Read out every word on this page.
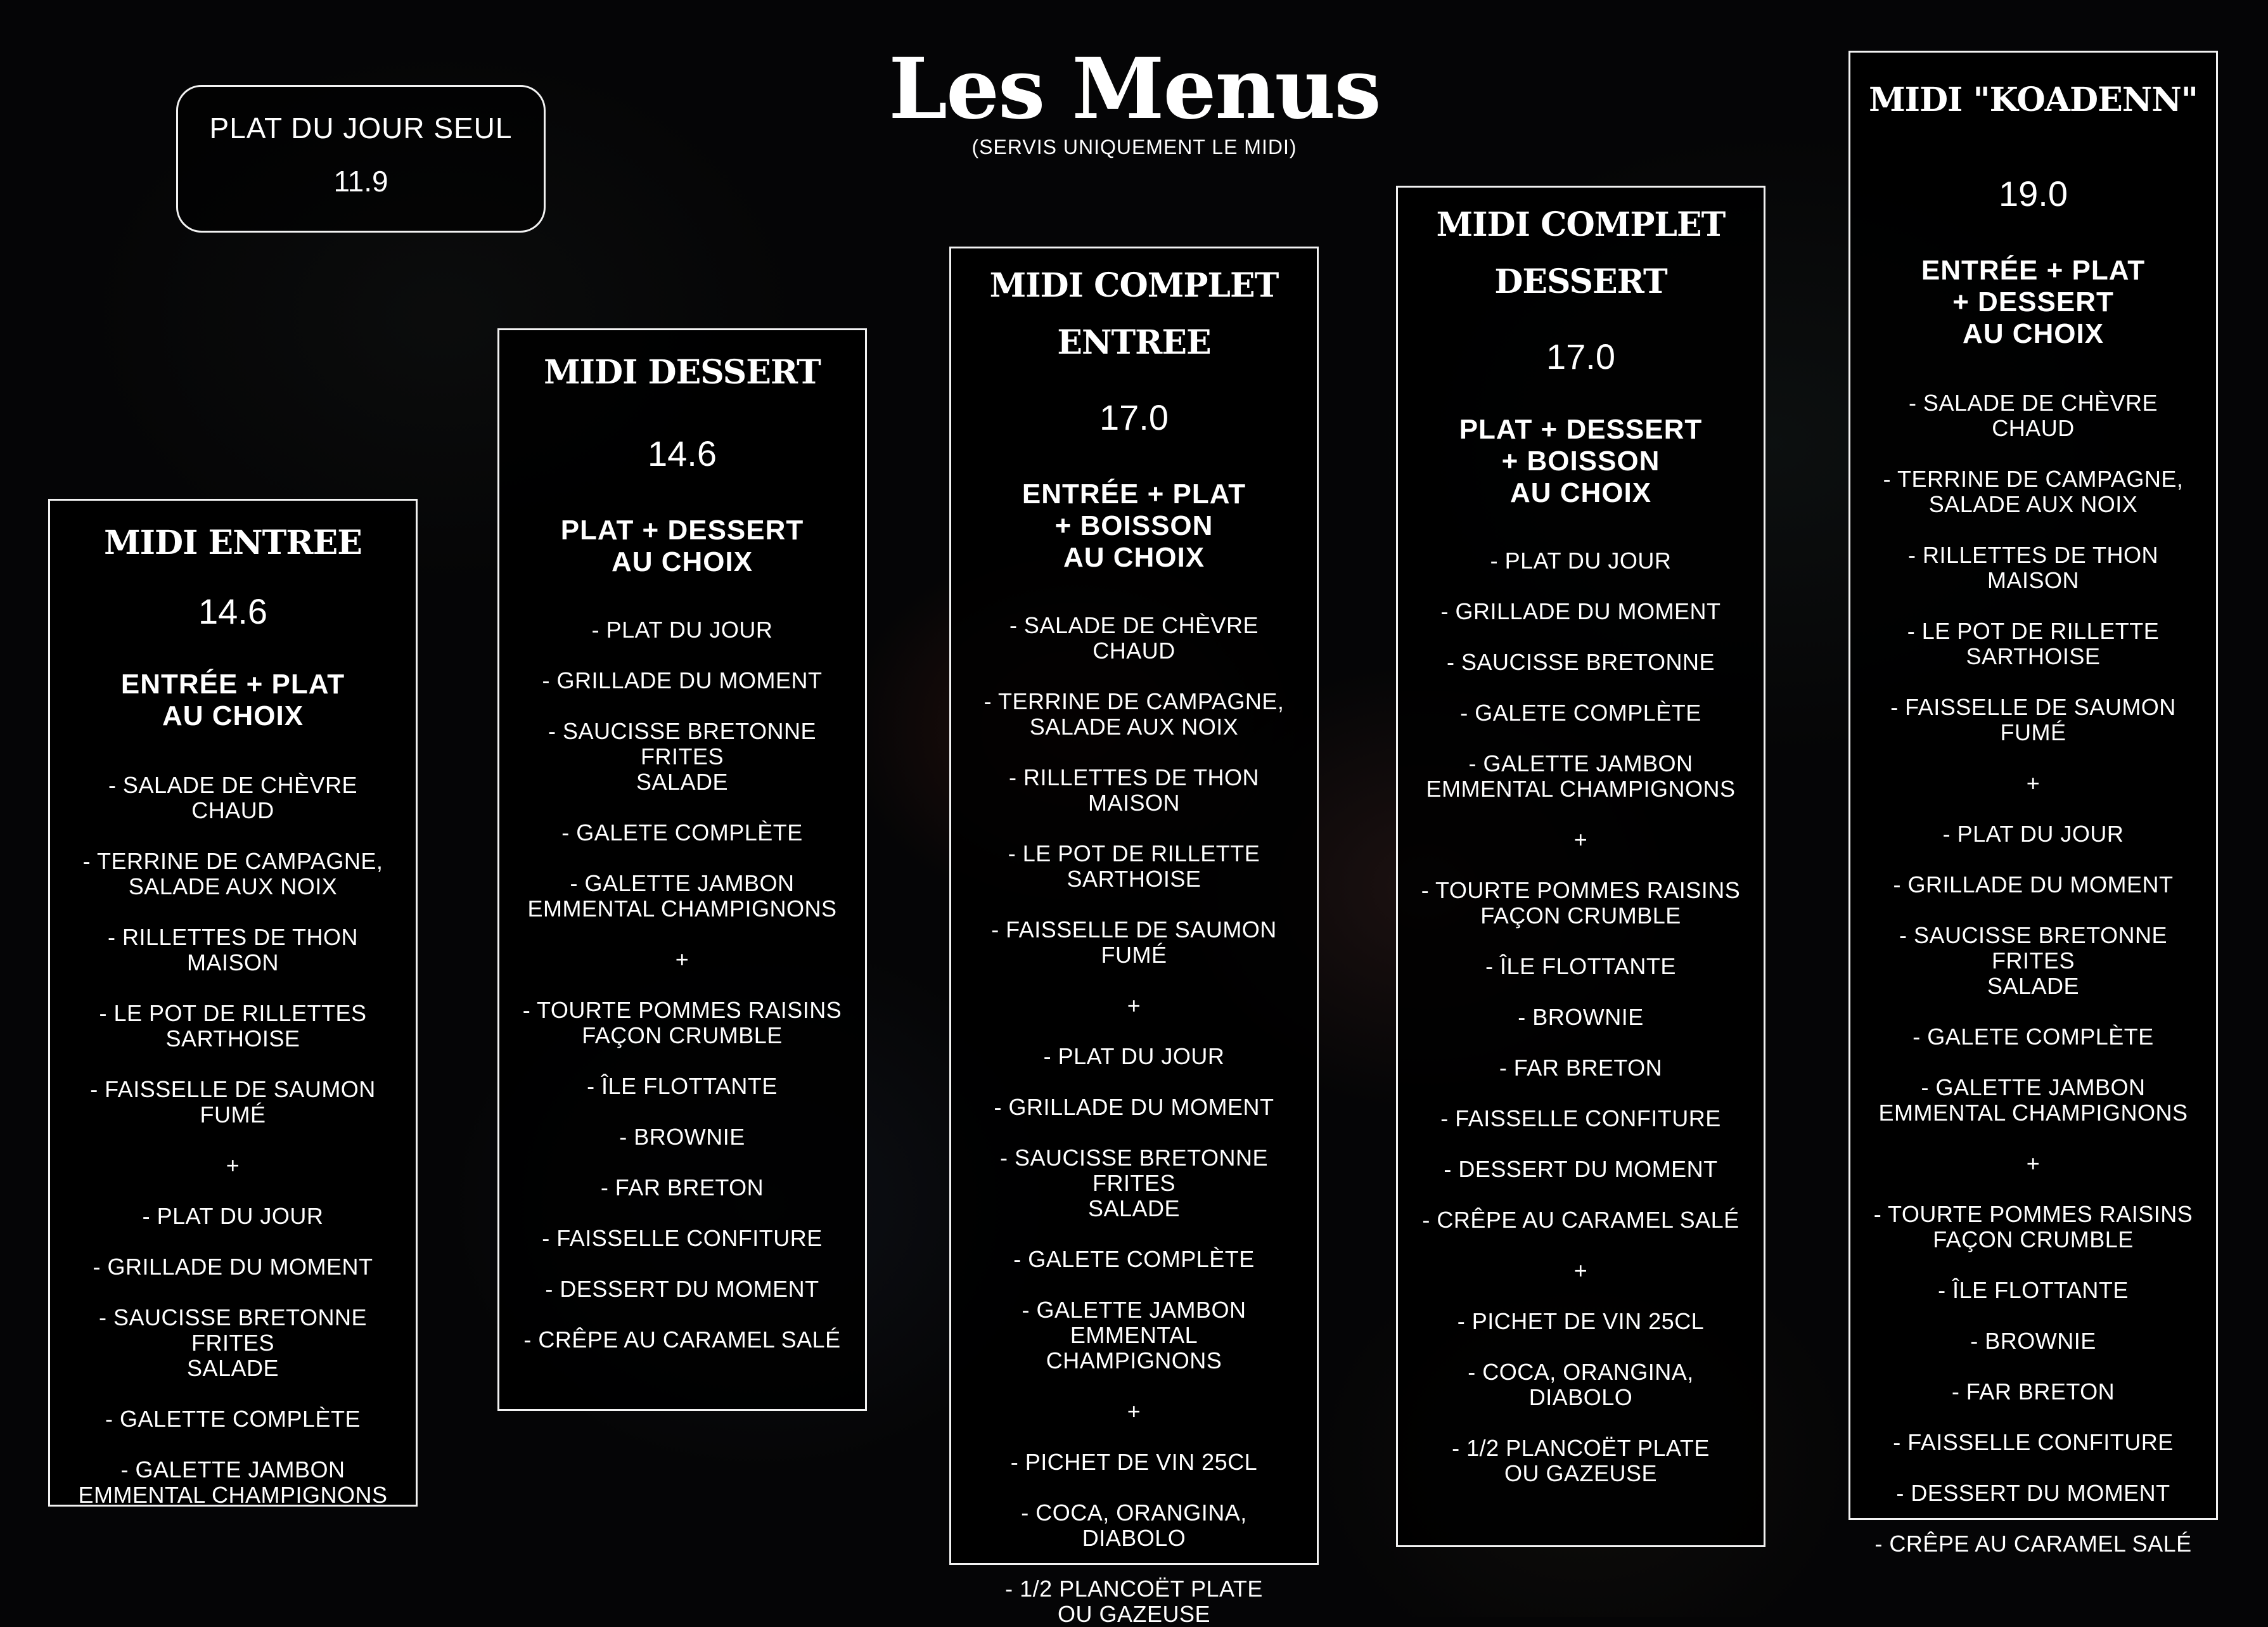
Les Menus
(SERVIS UNIQUEMENT LE MIDI)
PLAT DU JOUR SEUL
11.9
MIDI ENTREE
14.6
ENTRÉE + PLAT
AU CHOIX
- SALADE DE CHÈVRE CHAUD
- TERRINE DE CAMPAGNE,
SALADE AUX NOIX
- RILLETTES DE THON MAISON
- LE POT DE RILLETTES
SARTHOISE
- FAISSELLE DE SAUMON FUMÉ
+
- PLAT DU JOUR
- GRILLADE DU MOMENT
- SAUCISSE BRETONNE FRITES
SALADE
- GALETTE COMPLÈTE
- GALETTE JAMBON
EMMENTAL CHAMPIGNONS
MIDI DESSERT
14.6
PLAT + DESSERT
AU CHOIX
- PLAT DU JOUR
- GRILLADE DU MOMENT
- SAUCISSE BRETONNE FRITES
SALADE
- GALETE COMPLÈTE
- GALETTE JAMBON
EMMENTAL CHAMPIGNONS
+
- TOURTE POMMES RAISINS
FAÇON CRUMBLE
- ÎLE FLOTTANTE
- BROWNIE
- FAR BRETON
- FAISSELLE CONFITURE
- DESSERT DU MOMENT
- CRÊPE AU CARAMEL SALÉ
MIDI COMPLET
ENTREE
17.0
ENTRÉE + PLAT
+ BOISSON
AU CHOIX
- SALADE DE CHÈVRE CHAUD
- TERRINE DE CAMPAGNE,
SALADE AUX NOIX
- RILLETTES DE THON MAISON
- LE POT DE RILLETTE
SARTHOISE
- FAISSELLE DE SAUMON FUMÉ
+
- PLAT DU JOUR
- GRILLADE DU MOMENT
- SAUCISSE BRETONNE FRITES
SALADE
- GALETE COMPLÈTE
- GALETTE JAMBON EMMENTAL
CHAMPIGNONS
+
- PICHET DE VIN 25CL
- COCA, ORANGINA, DIABOLO
- 1/2 PLANCOËT PLATE
OU GAZEUSE
MIDI COMPLET
DESSERT
17.0
PLAT + DESSERT
+ BOISSON
AU CHOIX
- PLAT DU JOUR
- GRILLADE DU MOMENT
- SAUCISSE BRETONNE
- GALETE COMPLÈTE
- GALETTE JAMBON
EMMENTAL CHAMPIGNONS
+
- TOURTE POMMES RAISINS
FAÇON CRUMBLE
- ÎLE FLOTTANTE
- BROWNIE
- FAR BRETON
- FAISSELLE CONFITURE
- DESSERT DU MOMENT
- CRÊPE AU CARAMEL SALÉ
+
- PICHET DE VIN 25CL
- COCA, ORANGINA, DIABOLO
- 1/2 PLANCOËT PLATE
OU GAZEUSE
MIDI "KOADENN"
19.0
ENTRÉE + PLAT
+ DESSERT
AU CHOIX
- SALADE DE CHÈVRE CHAUD
- TERRINE DE CAMPAGNE,
SALADE AUX NOIX
- RILLETTES DE THON MAISON
- LE POT DE RILLETTE
SARTHOISE
- FAISSELLE DE SAUMON FUMÉ
+
- PLAT DU JOUR
- GRILLADE DU MOMENT
- SAUCISSE BRETONNE FRITES
SALADE
- GALETE COMPLÈTE
- GALETTE JAMBON
EMMENTAL CHAMPIGNONS
+
- TOURTE POMMES RAISINS
FAÇON CRUMBLE
- ÎLE FLOTTANTE
- BROWNIE
- FAR BRETON
- FAISSELLE CONFITURE
- DESSERT DU MOMENT
- CRÊPE AU CARAMEL SALÉ
